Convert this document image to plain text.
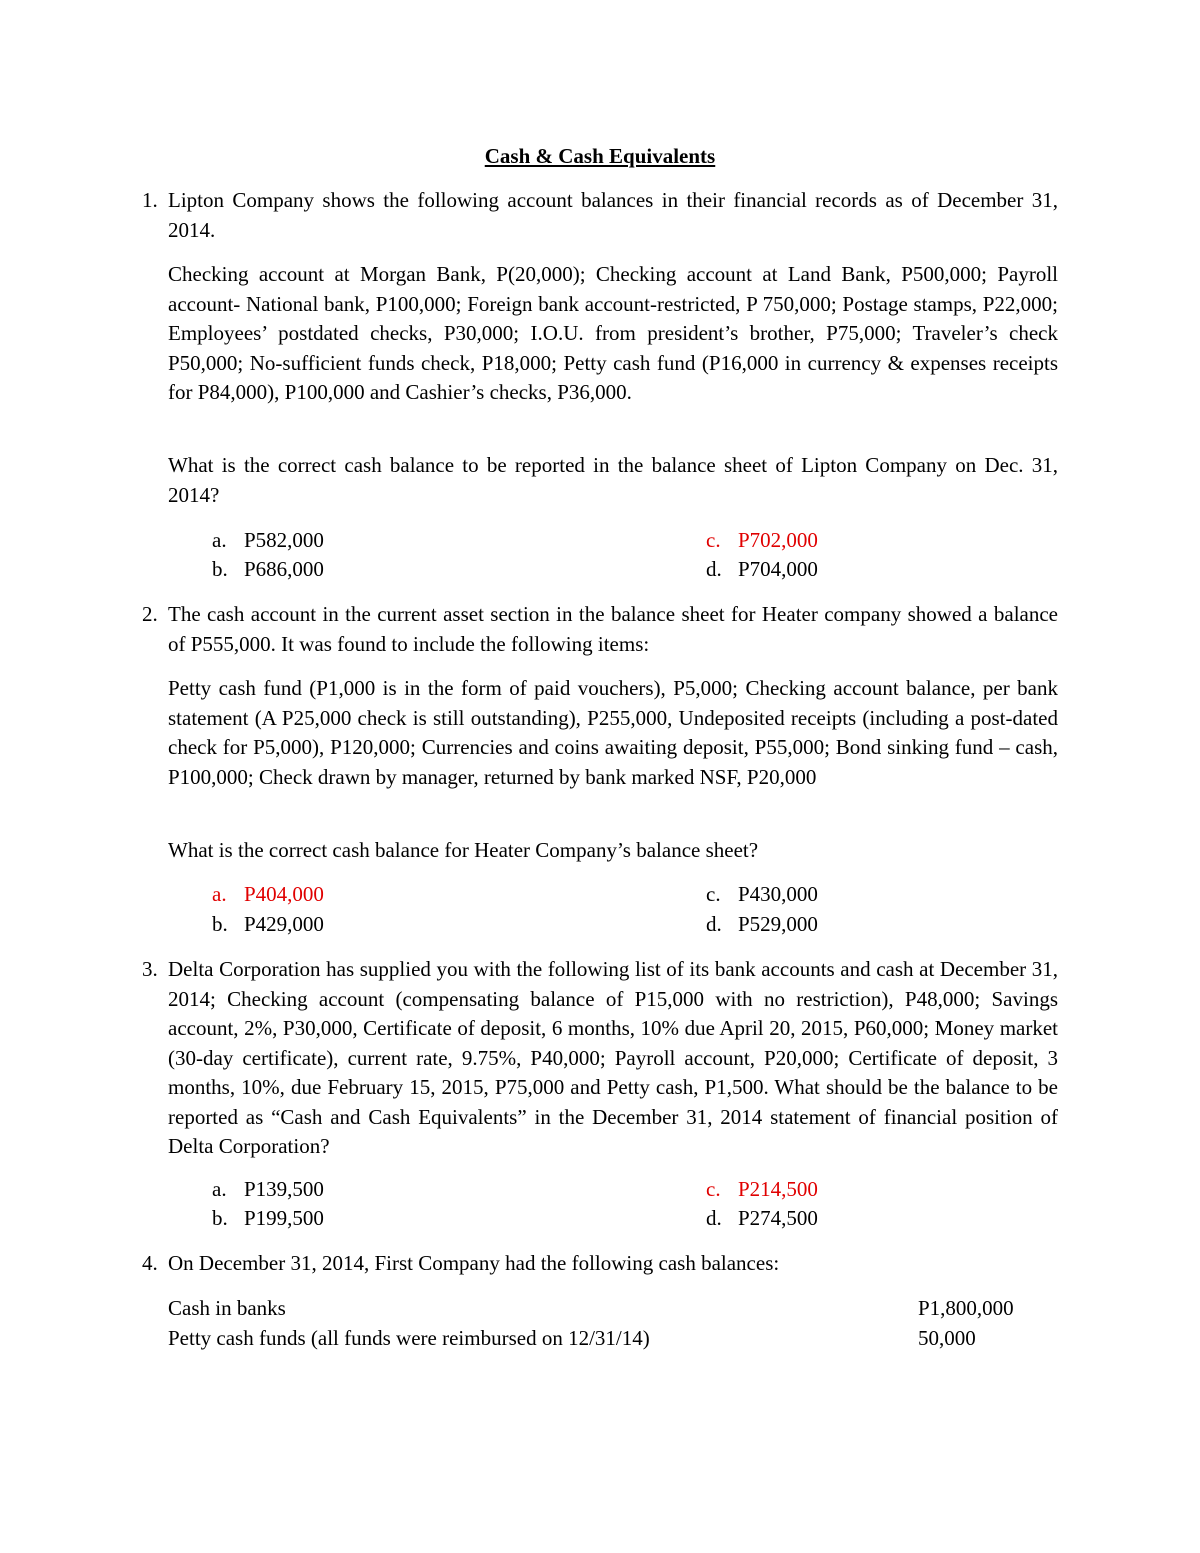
Cash & Cash Equivalents
1. Lipton Company shows the following account balances in their financial records as of December 31, 2014.
Checking account at Morgan Bank, P(20,000); Checking account at Land Bank, P500,000; Payroll account- National bank, P100,000; Foreign bank account-restricted, P 750,000; Postage stamps, P22,000; Employees’ postdated checks, P30,000; I.O.U. from president’s brother, P75,000; Traveler’s check P50,000; No-sufficient funds check, P18,000; Petty cash fund (P16,000 in currency & expenses receipts for P84,000), P100,000 and Cashier’s checks, P36,000.
What is the correct cash balance to be reported in the balance sheet of Lipton Company on Dec. 31, 2014?
a. P582,000	c. P702,000
b. P686,000	d. P704,000
2. The cash account in the current asset section in the balance sheet for Heater company showed a balance of P555,000. It was found to include the following items:
Petty cash fund (P1,000 is in the form of paid vouchers), P5,000; Checking account balance, per bank statement (A P25,000 check is still outstanding), P255,000, Undeposited receipts (including a post-dated check for P5,000), P120,000; Currencies and coins awaiting deposit, P55,000; Bond sinking fund – cash, P100,000; Check drawn by manager, returned by bank marked NSF, P20,000
What is the correct cash balance for Heater Company’s balance sheet?
a. P404,000	c. P430,000
b. P429,000	d. P529,000
3. Delta Corporation has supplied you with the following list of its bank accounts and cash at December 31, 2014; Checking account (compensating balance of P15,000 with no restriction), P48,000; Savings account, 2%, P30,000, Certificate of deposit, 6 months, 10% due April 20, 2015, P60,000; Money market (30-day certificate), current rate, 9.75%, P40,000; Payroll account, P20,000; Certificate of deposit, 3 months, 10%, due February 15, 2015, P75,000 and Petty cash, P1,500. What should be the balance to be reported as “Cash and Cash Equivalents” in the December 31, 2014 statement of financial position of Delta Corporation?
a. P139,500	c. P214,500
b. P199,500	d. P274,500
4. On December 31, 2014, First Company had the following cash balances:
Cash in banks	P1,800,000
Petty cash funds (all funds were reimbursed on 12/31/14)	50,000
